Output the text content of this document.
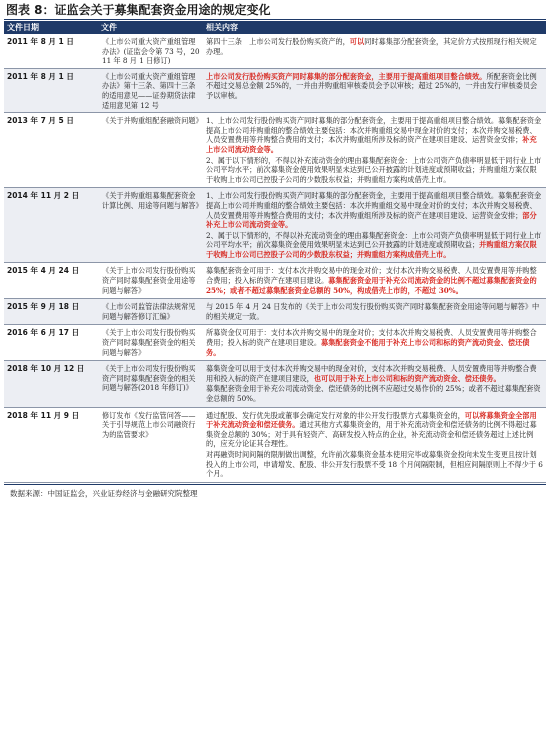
图表 8：证监会关于募集配套资金用途的规定变化
文件日期	文件	相关内容
2011 年 8 月 1 日	《上市公司重大资产重组管理办法》(证监会令第 73 号，2011 年 8 月 1 日修订)	第四十三条　上市公司发行股份购买资产的，可以同时募集部分配套资金，其定价方式按照现行相关规定办理。

2011 年 8 月 1 日	《上市公司重大资产重组管理办法》第十三条、第四十三条的适用意见——证券期货法律适用意见第 12 号	上市公司发行股份购买资产同时募集的部分配套资金，主要用于提高重组项目整合绩效。所配套资金比例不超过交易总金额 25%的，一并由并购重组审核委员会予以审核；超过 25%的，一并由发行审核委员会予以审核。

2013 年 7 月 5 日	《关于并购重组配套融资问题》	1、上市公司发行股份购买资产同时募集的部分配套资金，主要用于提高重组项目整合绩效。募集配套资金提高上市公司并购重组的整合绩效主要包括：本次并购重组交易中现金对价的支付；本次并购交易税费、人员安置费用等并购整合费用的支付；本次并购重组所涉及标的资产在建项目建设、运营资金安排；补充上市公司流动资金等。

2、属于以下情形的，不得以补充流动资金的理由募集配套资金：上市公司资产负债率明显低于同行业上市公司平均水平；前次募集资金使用效果明显未达到已公开披露的计划进度或预期收益；并购重组方案仅限于收购上市公司已控股子公司的少数股东权益；并购重组方案构成借壳上市。

2014 年 11 月 2 日	《关于并购重组募集配套资金计算比例、用途等问题与解答》	1、上市公司发行股份购买资产同时募集的部分配套资金，主要用于提高重组项目整合绩效。募集配套资金提高上市公司并购重组的整合绩效主要包括：本次并购重组交易中现金对价的支付；本次并购交易税费、人员安置费用等并购整合费用的支付；本次并购重组所涉及标的资产在建项目建设、运营资金安排；部分补充上市公司流动资金等。

2、属于以下情形的，不得以补充流动资金的理由募集配套资金：上市公司资产负债率明显低于同行业上市公司平均水平；前次募集资金使用效果明显未达到已公开披露的计划进度或预期收益；并购重组方案仅限于收购上市公司已控股子公司的少数股东权益；并购重组方案构成借壳上市。

2015 年 4 月 24 日	《关于上市公司发行股份购买资产同时募集配套资金用途等问题与解答》	募集配套资金可用于：支付本次并购交易中的现金对价；支付本次并购交易税费、人员安置费用等并购整合费用；投入标的资产在建项目建设。募集配套资金用于补充公司流动资金的比例不超过募集配套资金的 25%；或者不超过募集配套资金总额的 50%，构成借壳上市的，不超过 30%。

2015 年 9 月 18 日	《上市公司监管法律法规常见问题与解答修订汇编》	与 2015 年 4 月 24 日发布的《关于上市公司发行股份购买资产同时募集配套资金用途等问题与解答》中的相关规定一致。

2016 年 6 月 17 日	《关于上市公司发行股份购买资产同时募集配套资金的相关问题与解答》	所募资金仅可用于：支付本次并购交易中的现金对价；支付本次并购交易税费、人员安置费用等并购整合费用；投入标的资产在建项目建设。募集配套资金不能用于补充上市公司和标的资产流动资金、偿还债务。

2018 年 10 月 12 日	《关于上市公司发行股份购买资产同时募集配套资金的相关问题与解答(2018 年修订)》	募集资金可以用于支付本次并购交易中的现金对价，支付本次并购交易税费、人员安置费用等并购整合费用和投入标的资产在建项目建设，也可以用于补充上市公司和标的资产流动资金、偿还债务。

募集配套资金用于补充公司流动资金、偿还债务的比例不应超过交易作价的 25%；或者不超过募集配套资金总额的 50%。

2018 年 11 月 9 日	修订发布《发行监管问答——关于引导规范上市公司融资行为的监管要求》	通过配股、发行优先股或董事会确定发行对象的非公开发行股票方式募集资金的，可以将募集资金全部用于补充流动资金和偿还债务。通过其他方式募集资金的，用于补充流动资金和偿还债务的比例不得超过募集资金总额的 30%；对于具有轻资产、高研发投入特点的企业，补充流动资金和偿还债务超过上述比例的，应充分论证其合理性。

对再融资时间间隔的限制做出调整，允许前次募集资金基本使用完毕或募集资金投向未发生变更且按计划投入的上市公司，申请增发、配股、非公开发行股票不受 18 个月间隔限制，但相应间隔原则上不得少于 6 个月。

数据来源：中国证监会，兴业证券经济与金融研究院整理
